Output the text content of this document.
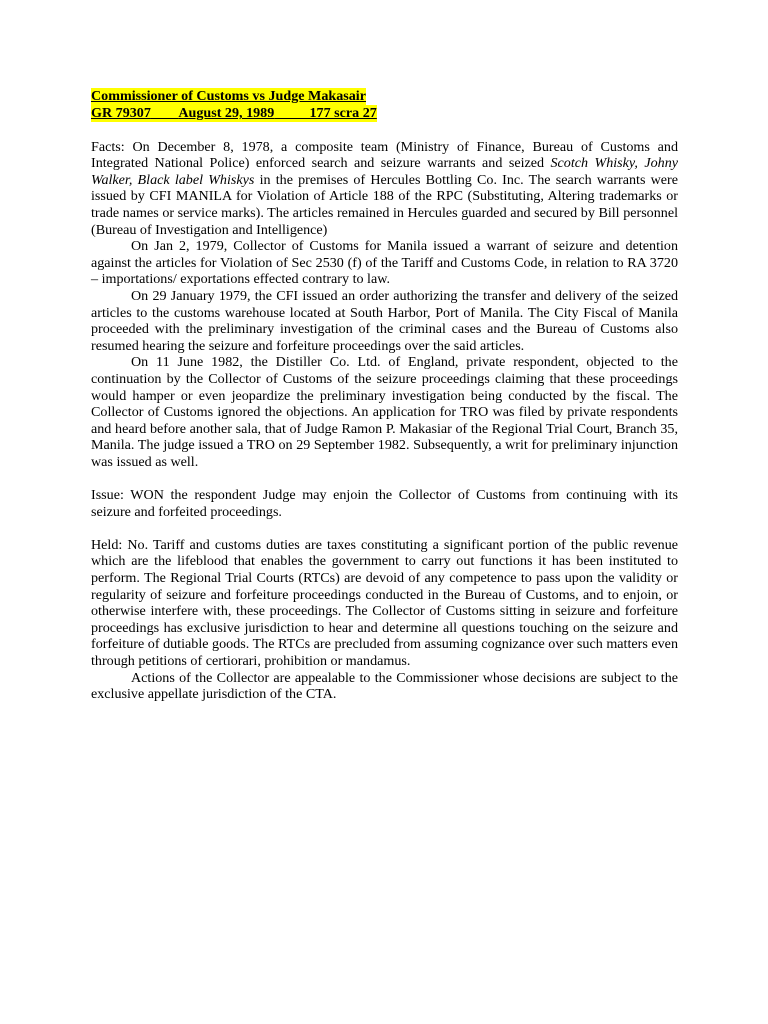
Commissioner of Customs vs Judge Makasair
GR 79307 August 29, 1989 177 scra 27

Facts: On December 8, 1978, a composite team (Ministry of Finance, Bureau of Customs and Integrated National Police) enforced search and seizure warrants and seized Scotch Whisky, Johny Walker, Black label Whiskys in the premises of Hercules Bottling Co. Inc. The search warrants were issued by CFI MANILA for Violation of Article 188 of the RPC (Substituting, Altering trademarks or trade names or service marks). The articles remained in Hercules guarded and secured by Bill personnel (Bureau of Investigation and Intelligence)

On Jan 2, 1979, Collector of Customs for Manila issued a warrant of seizure and detention against the articles for Violation of Sec 2530 (f) of the Tariff and Customs Code, in relation to RA 3720 – importations/ exportations effected contrary to law.

On 29 January 1979, the CFI issued an order authorizing the transfer and delivery of the seized articles to the customs warehouse located at South Harbor, Port of Manila. The City Fiscal of Manila proceeded with the preliminary investigation of the criminal cases and the Bureau of Customs also resumed hearing the seizure and forfeiture proceedings over the said articles.

On 11 June 1982, the Distiller Co. Ltd. of England, private respondent, objected to the continuation by the Collector of Customs of the seizure proceedings claiming that these proceedings would hamper or even jeopardize the preliminary investigation being conducted by the fiscal. The Collector of Customs ignored the objections. An application for TRO was filed by private respondents and heard before another sala, that of Judge Ramon P. Makasiar of the Regional Trial Court, Branch 35, Manila. The judge issued a TRO on 29 September 1982. Subsequently, a writ for preliminary injunction was issued as well.

Issue: WON the respondent Judge may enjoin the Collector of Customs from continuing with its seizure and forfeited proceedings.

Held: No. Tariff and customs duties are taxes constituting a significant portion of the public revenue which are the lifeblood that enables the government to carry out functions it has been instituted to perform. The Regional Trial Courts (RTCs) are devoid of any competence to pass upon the validity or regularity of seizure and forfeiture proceedings conducted in the Bureau of Customs, and to enjoin, or otherwise interfere with, these proceedings. The Collector of Customs sitting in seizure and forfeiture proceedings has exclusive jurisdiction to hear and determine all questions touching on the seizure and forfeiture of dutiable goods. The RTCs are precluded from assuming cognizance over such matters even through petitions of certiorari, prohibition or mandamus.

Actions of the Collector are appealable to the Commissioner whose decisions are subject to the exclusive appellate jurisdiction of the CTA.
